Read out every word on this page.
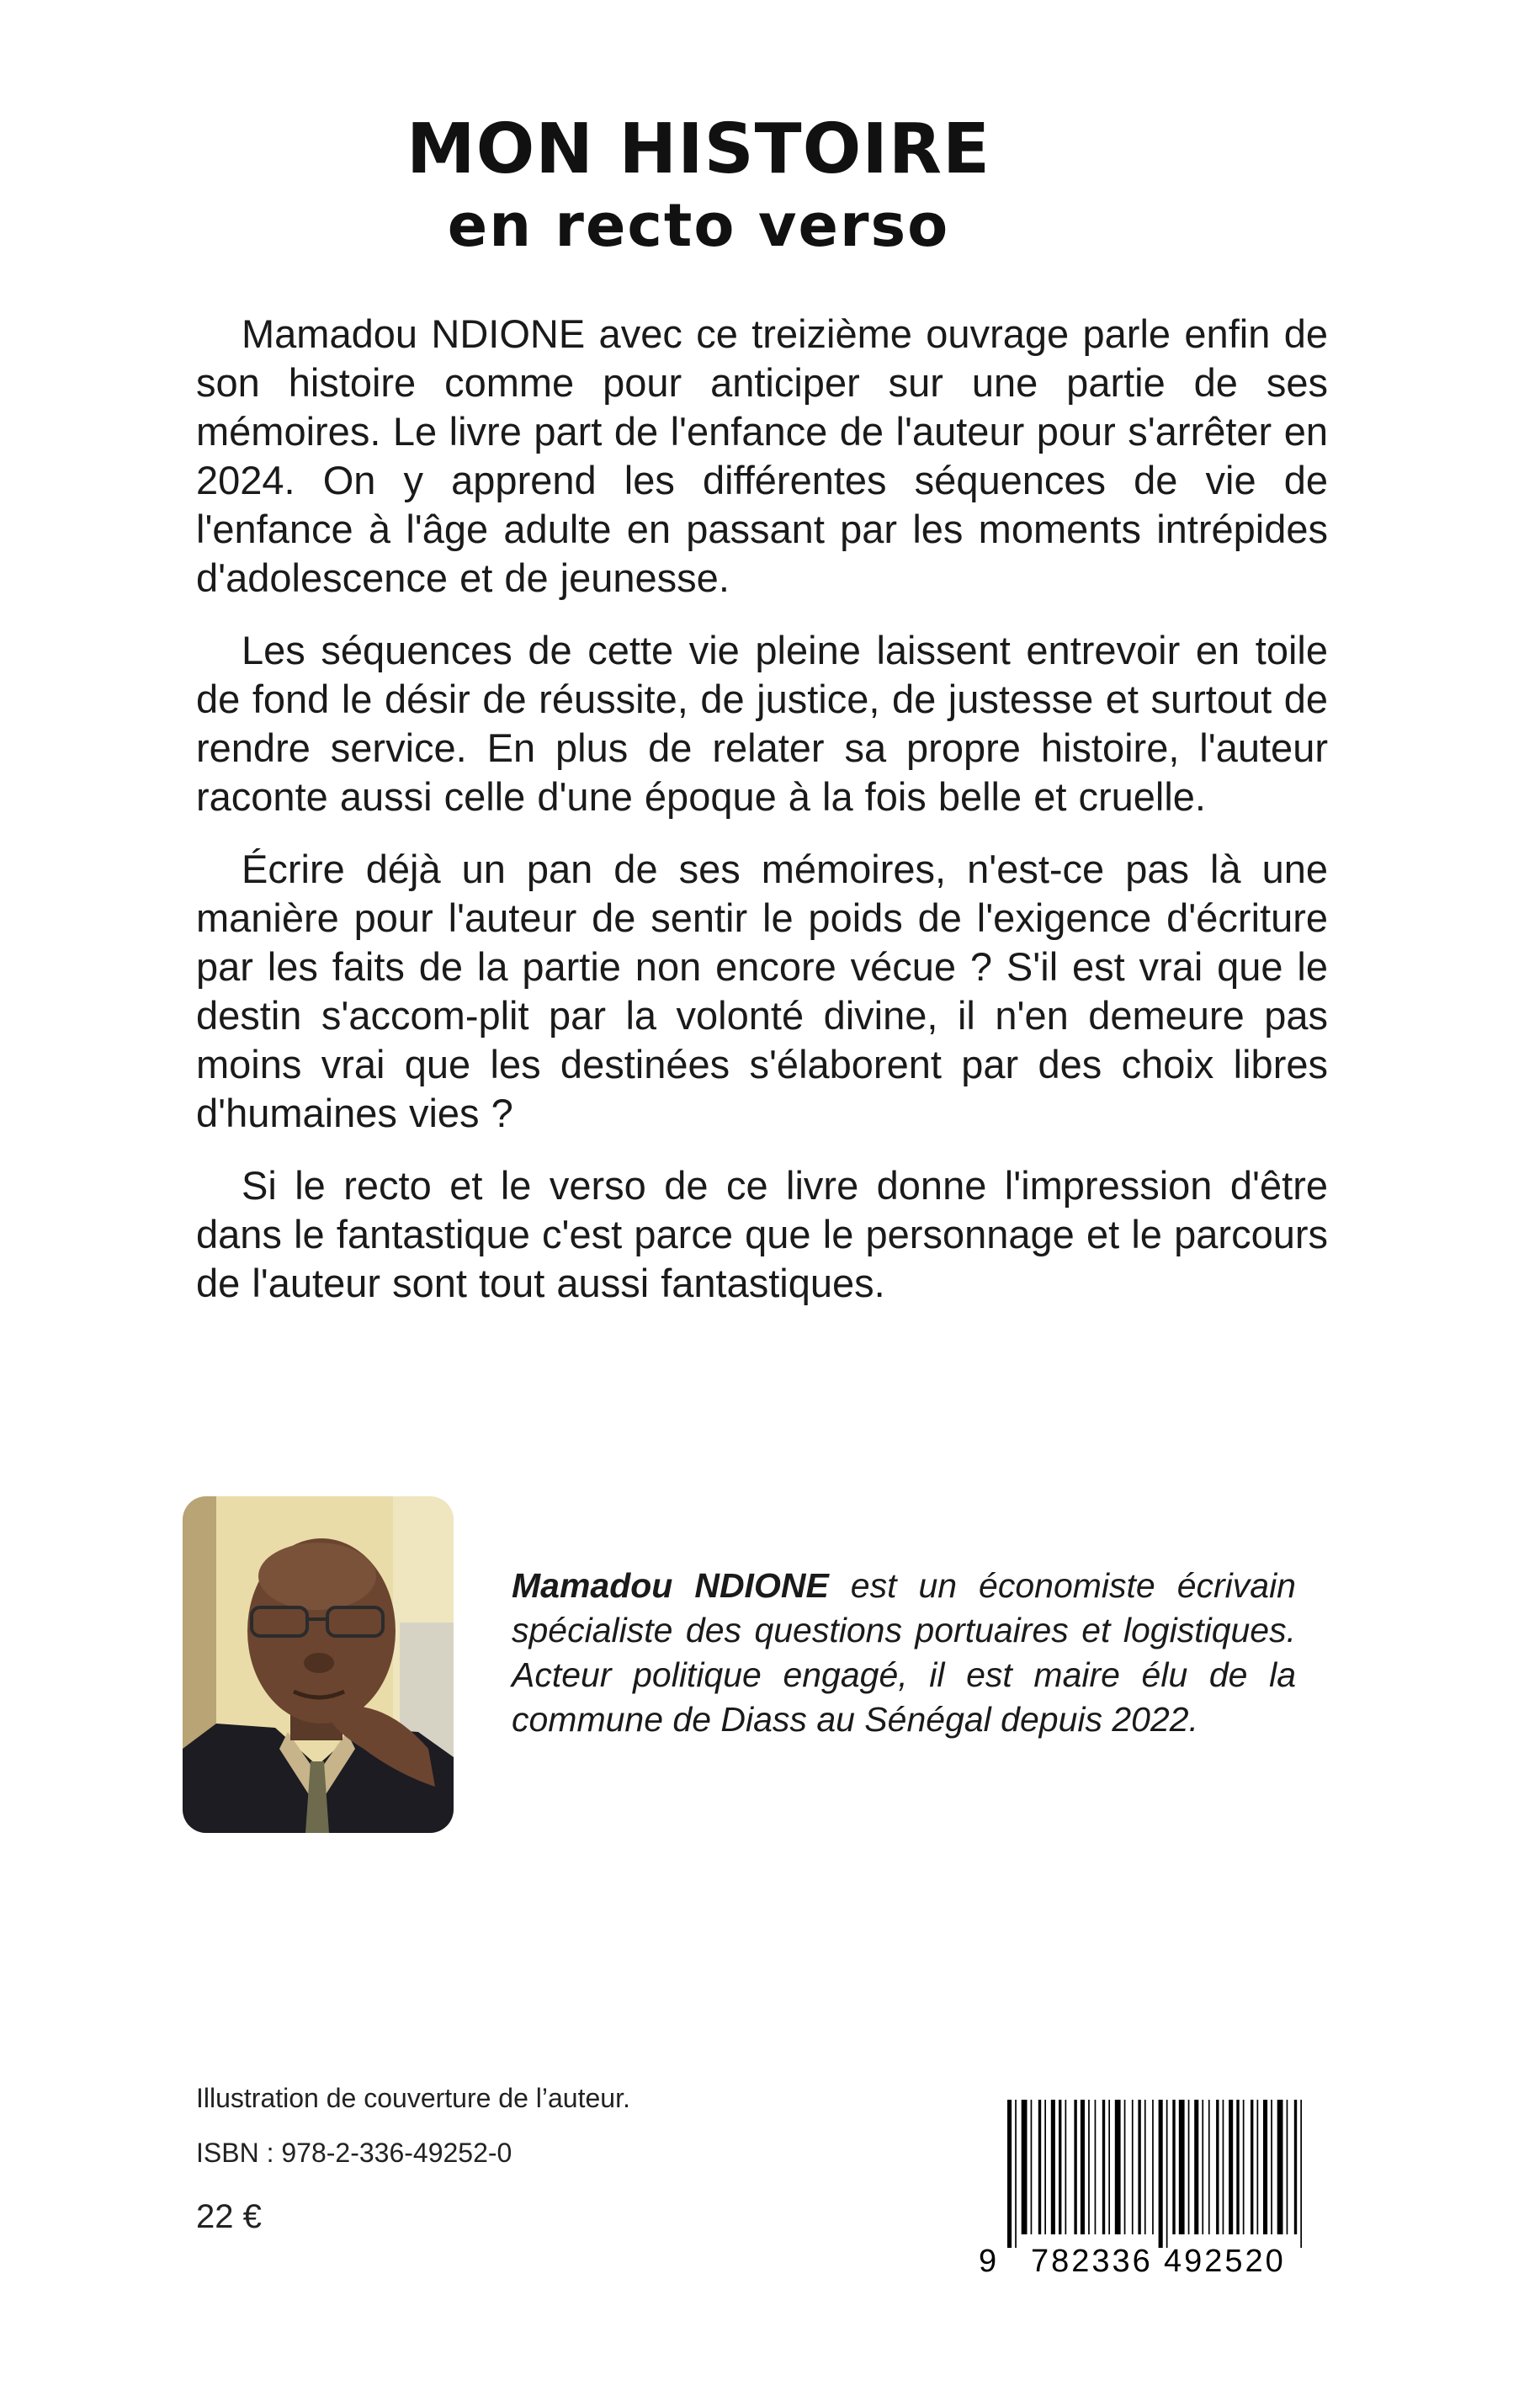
MON HISTOIRE
en recto verso

Mamadou NDIONE avec ce treizième ouvrage parle enfin de son histoire comme pour anticiper sur une partie de ses mémoires. Le livre part de l'enfance de l'auteur pour s'arrêter en 2024. On y apprend les différentes séquences de vie de l'enfance à l'âge adulte en passant par les moments intrépides d'adolescence et de jeunesse.

Les séquences de cette vie pleine laissent entrevoir en toile de fond le désir de réussite, de justice, de justesse et surtout de rendre service. En plus de relater sa propre histoire, l'auteur raconte aussi celle d'une époque à la fois belle et cruelle.

Écrire déjà un pan de ses mémoires, n'est-ce pas là une manière pour l'auteur de sentir le poids de l'exigence d'écriture par les faits de la partie non encore vécue ? S'il est vrai que le destin s'accom-plit par la volonté divine, il n'en demeure pas moins vrai que les destinées s'élaborent par des choix libres d'humaines vies ?

Si le recto et le verso de ce livre donne l'impression d'être dans le fantastique c'est parce que le personnage et le parcours de l'auteur sont tout aussi fantastiques.

Mamadou NDIONE est un économiste écrivain spécialiste des questions portuaires et logistiques. Acteur politique engagé, il est maire élu de la commune de Diass au Sénégal depuis 2022.
Illustration de couverture de l’auteur.
ISBN : 978-2-336-49252-0
22 €
9 782336 492520
